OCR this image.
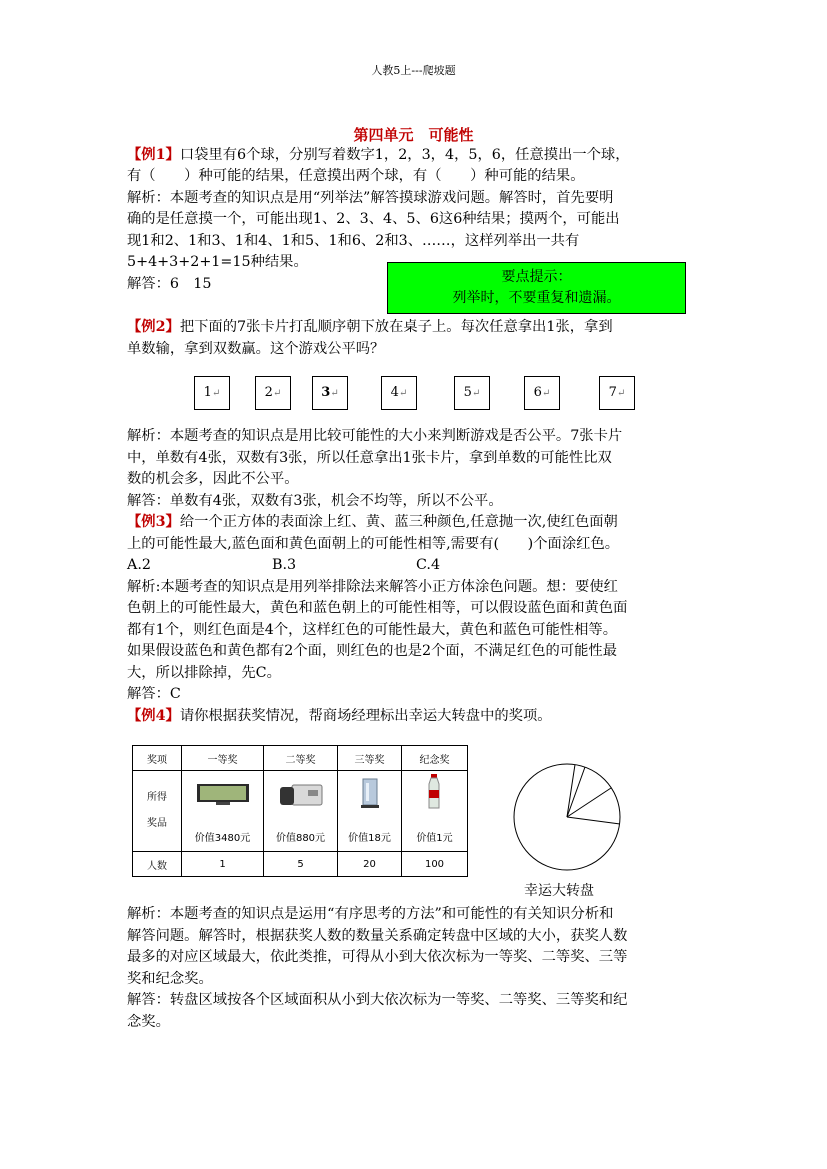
人教5上---爬坡题
第四单元　可能性
【例1】口袋里有6个球，分别写着数字1，2，3，4，5，6，任意摸出一个球，
有（　　）种可能的结果，任意摸出两个球，有（　　）种可能的结果。
解析：本题考查的知识点是用“列举法”解答摸球游戏问题。解答时，首先要明
确的是任意摸一个，可能出现1、2、3、4、5、6这6种结果；摸两个，可能出
现1和2、1和3、1和4、1和5、1和6、2和3、……，这样列举出一共有
5+4+3+2+1=15种结果。
解答：6　15	要点提示：
列举时，不要重复和遗漏。
【例2】把下面的7张卡片打乱顺序朝下放在桌子上。每次任意拿出1张，拿到
单数输，拿到双数赢。这个游戏公平吗？
1↵	2↵	3↵	4↵	5↵	6↵	7↵
解析：本题考查的知识点是用比较可能性的大小来判断游戏是否公平。7张卡片
中，单数有4张，双数有3张，所以任意拿出1张卡片，拿到单数的可能性比双
数的机会多，因此不公平。
解答：单数有4张，双数有3张，机会不均等，所以不公平。
【例3】给一个正方体的表面涂上红、黄、蓝三种颜色,任意抛一次,使红色面朝
上的可能性最大,蓝色面和黄色面朝上的可能性相等,需要有(　　)个面涂红色。
A.2	B.3	C.4
解析:本题考查的知识点是用列举排除法来解答小正方体涂色问题。想：要使红
色朝上的可能性最大，黄色和蓝色朝上的可能性相等，可以假设蓝色面和黄色面
都有1个，则红色面是4个，这样红色的可能性最大，黄色和蓝色可能性相等。
如果假设蓝色和黄色都有2个面，则红色的也是2个面，不满足红色的可能性最
大，所以排除掉，先C。
解答：C
【例4】请你根据获奖情况，帮商场经理标出幸运大转盘中的奖项。
奖项	一等奖	二等奖	三等奖	纪念奖

所得
奖品	价值3480元	价值880元	价值18元	价值1元

人数	1	5	20	100
幸运大转盘
解析：本题考查的知识点是运用“有序思考的方法”和可能性的有关知识分析和
解答问题。解答时，根据获奖人数的数量关系确定转盘中区域的大小，获奖人数
最多的对应区域最大，依此类推，可得从小到大依次标为一等奖、二等奖、三等
奖和纪念奖。
解答：转盘区域按各个区域面积从小到大依次标为一等奖、二等奖、三等奖和纪
念奖。
